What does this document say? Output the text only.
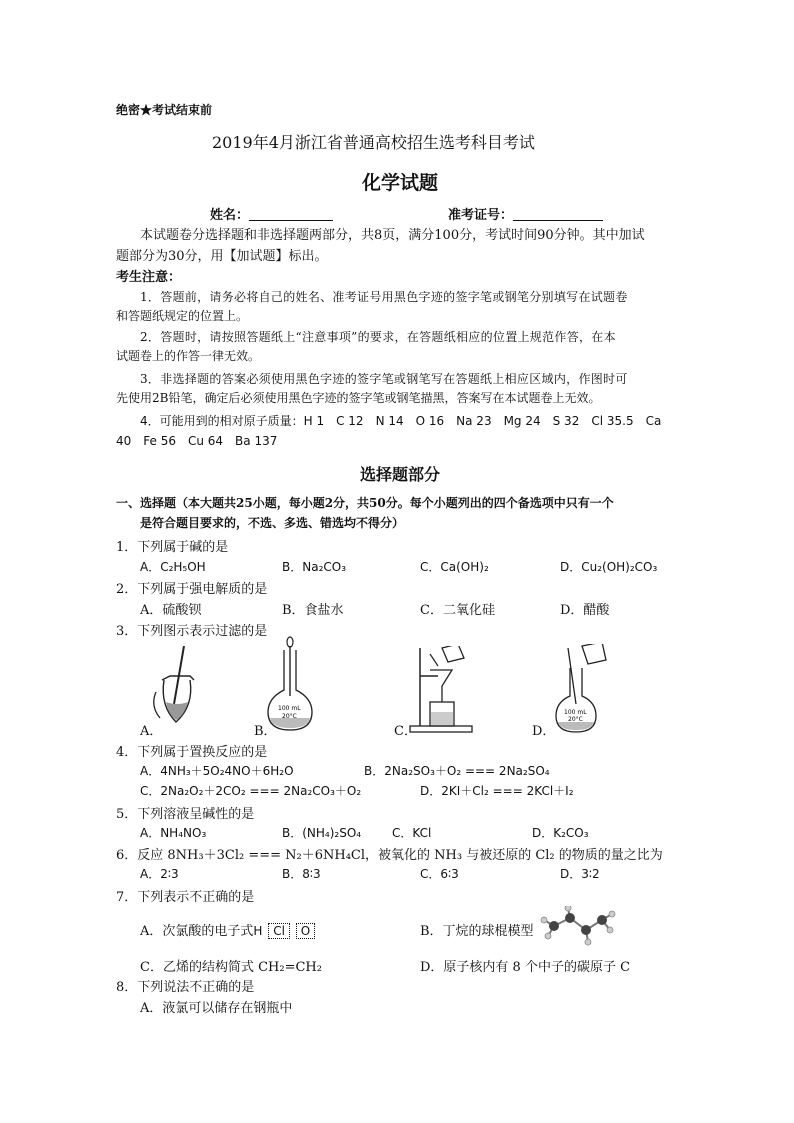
绝密★考试结束前
2019年4月浙江省普通高校招生选考科目考试
化学试题
姓名：	准考证号：
本试题卷分选择题和非选择题两部分，共8页，满分100分，考试时间90分钟。其中加试
题部分为30分，用【加试题】标出。
考生注意：
1．答题前，请务必将自己的姓名、准考证号用黑色字迹的签字笔或钢笔分别填写在试题卷
和答题纸规定的位置上。
2．答题时，请按照答题纸上“注意事项”的要求，在答题纸相应的位置上规范作答，在本
试题卷上的作答一律无效。
3．非选择题的答案必须使用黑色字迹的签字笔或钢笔写在答题纸上相应区域内，作图时可
先使用2B铅笔，确定后必须使用黑色字迹的签字笔或钢笔描黑，答案写在本试题卷上无效。
4．可能用到的相对原子质量：H 1　C 12　N 14　O 16　Na 23　Mg 24　S 32　Cl 35.5　Ca
40　Fe 56　Cu 64　Ba 137
选择题部分
一、选择题（本大题共25小题，每小题2分，共50分。每个小题列出的四个备选项中只有一个
是符合题目要求的，不选、多选、错选均不得分）
1．下列属于碱的是
A．C₂H₅OH	B．Na₂CO₃	C．Ca(OH)₂	D．Cu₂(OH)₂CO₃
2．下列属于强电解质的是
A．硫酸钡	B．食盐水	C．二氧化硅	D．醋酸
3．下列图示表示过滤的是
A．	B．
100 mL
20°C
C．	D．
100 mL
20°C
4．下列属于置换反应的是
A．4NH₃＋5O₂4NO＋6H₂O	B．2Na₂SO₃＋O₂ === 2Na₂SO₄
C．2Na₂O₂＋2CO₂ === 2Na₂CO₃＋O₂	D．2KI＋Cl₂ === 2KCl＋I₂
5．下列溶液呈碱性的是
A．NH₄NO₃	B．(NH₄)₂SO₄	C．KCl	D．K₂CO₃
6．反应 8NH₃＋3Cl₂ === N₂＋6NH₄Cl，被氧化的 NH₃ 与被还原的 Cl₂ 的物质的量之比为
A．2∶3	B．8∶3	C．6∶3	D．3∶2
7．下列表示不正确的是
A．次氯酸的电子式H Cl O	B．丁烷的球棍模型
C．乙烯的结构简式 CH₂=CH₂	D．原子核内有 8 个中子的碳原子 C
8．下列说法不正确的是
A．液氯可以储存在钢瓶中
